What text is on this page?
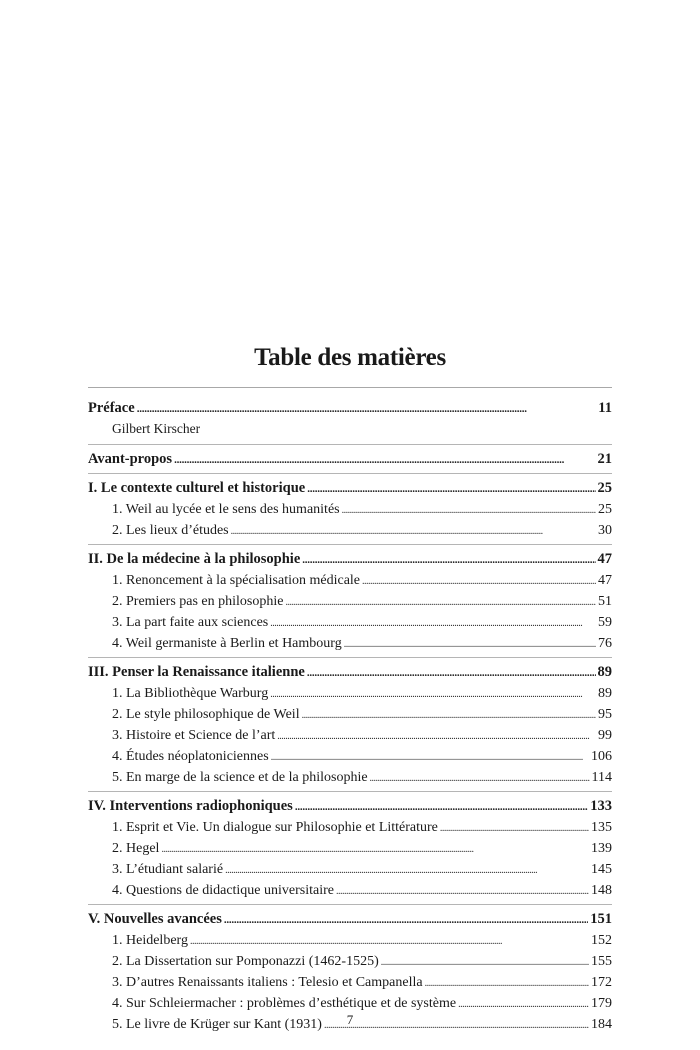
Table des matières
Préface . . .	11
Gilbert Kirscher
Avant-propos . . .	21
I. Le contexte culturel et historique . . .	25
1. Weil au lycée et le sens des humanités . . .	25
2. Les lieux d’études . . .	30
II. De la médecine à la philosophie . . .	47
1. Renoncement à la spécialisation médicale . . .	47
2. Premiers pas en philosophie . . .	51
3. La part faite aux sciences . . .	59
4. Weil germaniste à Berlin et Hambourg . . .	76
III. Penser la Renaissance italienne . . .	89
1. La Bibliothèque Warburg . . .	89
2. Le style philosophique de Weil . . .	95
3. Histoire et Science de l’art . . .	99
4. Études néoplatoniciennes . . .	106
5. En marge de la science et de la philosophie . . .	114
IV. Interventions radiophoniques . . .	133
1. Esprit et Vie. Un dialogue sur Philosophie et Littérature . . .	135
2. Hegel . . .	139
3. L’étudiant salarié . . .	145
4. Questions de didactique universitaire . . .	148
V. Nouvelles avancées . . .	151
1. Heidelberg . . .	152
2. La Dissertation sur Pomponazzi (1462-1525) . . .	155
3. D’autres Renaissants italiens : Telesio et Campanella . . .	172
4. Sur Schleiermacher : problèmes d’esthétique et de système . . .	179
5. Le livre de Krüger sur Kant (1931) . . .	184
7
